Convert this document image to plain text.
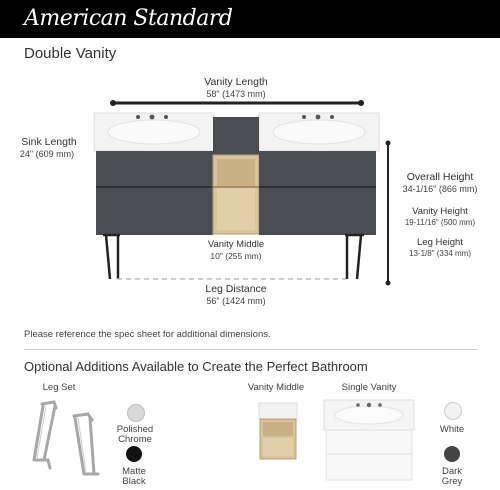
American Standard
Double Vanity
Vanity Length
58" (1473 mm)
Sink Length
24" (609 mm)
Overall Height
34-1/16" (866 mm)
Vanity Height
19-11/16" (500 mm)
Leg Height
13-1/8" (334 mm)
Vanity Middle
10" (255 mm)
Leg Distance
56" (1424 mm)
Please reference the spec sheet for additional dimensions.
Optional Additions Available to Create the Perfect Bathroom
Leg Set	Vanity Middle	Single Vanity
Polished
Chrome
Matte
Black
White
Dark
Grey
